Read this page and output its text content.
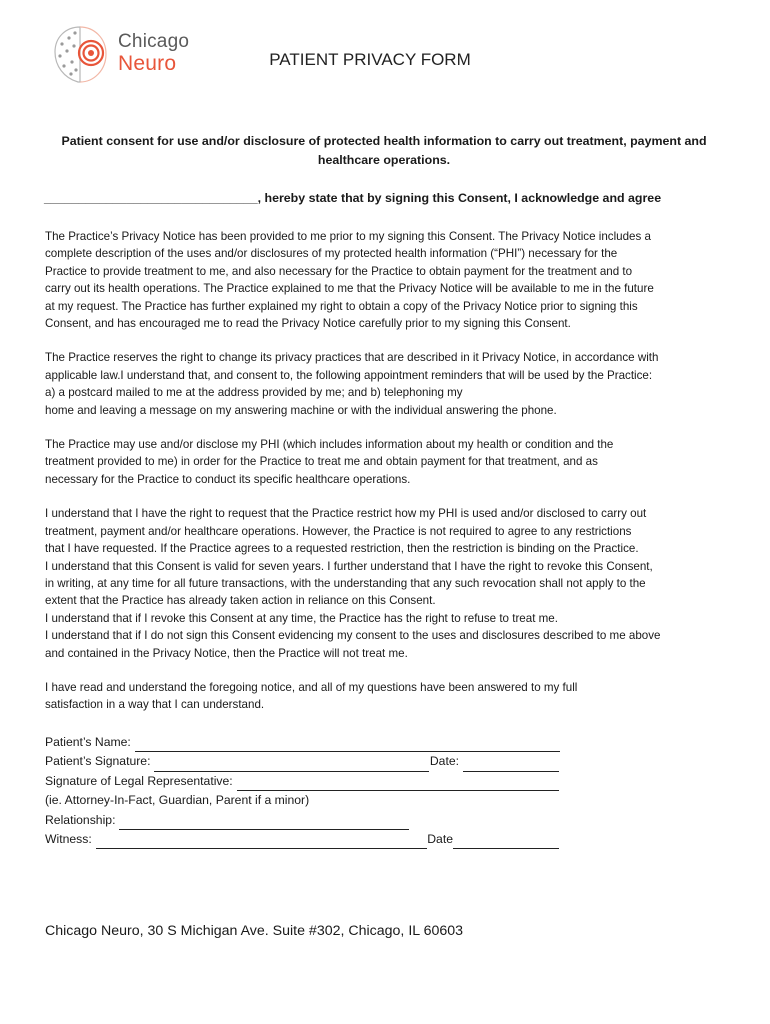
Chicago
Neuro	PATIENT PRIVACY FORM
Patient consent for use and/or disclosure of protected health information to carry out treatment, payment and healthcare operations.
_______________________________, hereby state that by signing this Consent, I acknowledge and agree

The Practice’s Privacy Notice has been provided to me prior to my signing this Consent. The Privacy Notice includes a
complete description of the uses and/or disclosures of my protected health information (“PHI”) necessary for the
Practice to provide treatment to me, and also necessary for the Practice to obtain payment for the treatment and to
carry out its health operations. The Practice explained to me that the Privacy Notice will be available to me in the future
at my request. The Practice has further explained my right to obtain a copy of the Privacy Notice prior to signing this
Consent, and has encouraged me to read the Privacy Notice carefully prior to my signing this Consent.

The Practice reserves the right to change its privacy practices that are described in it Privacy Notice, in accordance with
applicable law.I understand that, and consent to, the following appointment reminders that will be used by the Practice:
a) a postcard mailed to me at the address provided by me; and b) telephoning my
home and leaving a message on my answering machine or with the individual answering the phone.

The Practice may use and/or disclose my PHI (which includes information about my health or condition and the
treatment provided to me) in order for the Practice to treat me and obtain payment for that treatment, and as
necessary for the Practice to conduct its specific healthcare operations.

I understand that I have the right to request that the Practice restrict how my PHI is used and/or disclosed to carry out
treatment, payment and/or healthcare operations. However, the Practice is not required to agree to any restrictions
that I have requested. If the Practice agrees to a requested restriction, then the restriction is binding on the Practice.
I understand that this Consent is valid for seven years. I further understand that I have the right to revoke this Consent,
in writing, at any time for all future transactions, with the understanding that any such revocation shall not apply to the
extent that the Practice has already taken action in reliance on this Consent.
I understand that if I revoke this Consent at any time, the Practice has the right to refuse to treat me.
I understand that if I do not sign this Consent evidencing my consent to the uses and disclosures described to me above
and contained in the Privacy Notice, then the Practice will not treat me.

I have read and understand the foregoing notice, and all of my questions have been answered to my full
satisfaction in a way that I can understand.

Patient’s Name:
Patient’s Signature:	Date:
Signature of Legal Representative:
(ie. Attorney-In-Fact, Guardian, Parent if a minor)
Relationship:
Witness:	Date
Chicago Neuro, 30 S Michigan Ave. Suite #302, Chicago, IL 60603
